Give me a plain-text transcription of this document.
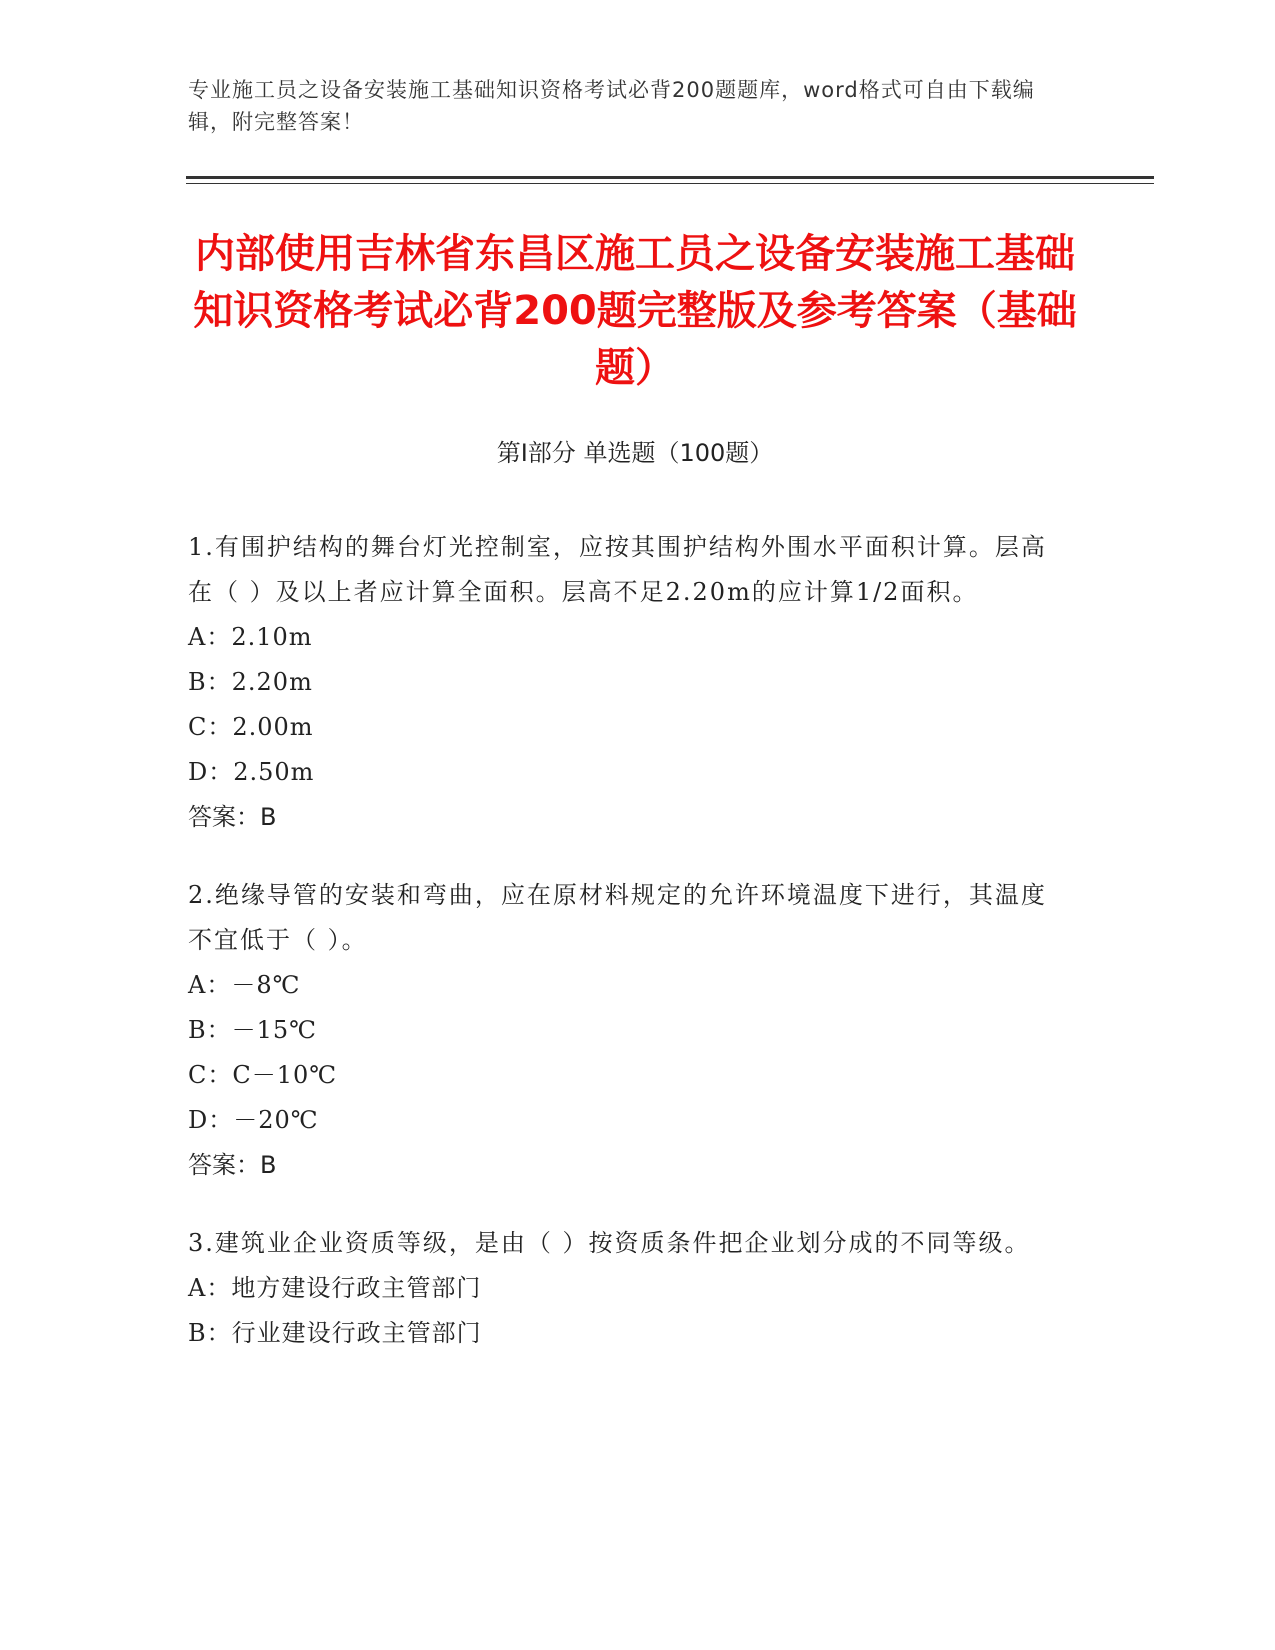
专业施工员之设备安装施工基础知识资格考试必背200题题库，word格式可自由下载编辑，附完整答案！
内部使用吉林省东昌区施工员之设备安装施工基础知识资格考试必背200题完整版及参考答案（基础题）
第Ⅰ部分 单选题（100题）

1.有围护结构的舞台灯光控制室，应按其围护结构外围水平面积计算。层高在（ ）及以上者应计算全面积。层高不足2.20m的应计算1/2面积。

A：2.10m

B：2.20m

C：2.00m

D：2.50m

答案：B

2.绝缘导管的安装和弯曲，应在原材料规定的允许环境温度下进行，其温度不宜低于（ ）。

A：－8℃

B：－15℃

C：C－10℃

D：－20℃

答案：B

3.建筑业企业资质等级，是由（ ）按资质条件把企业划分成的不同等级。

A：地方建设行政主管部门

B：行业建设行政主管部门
